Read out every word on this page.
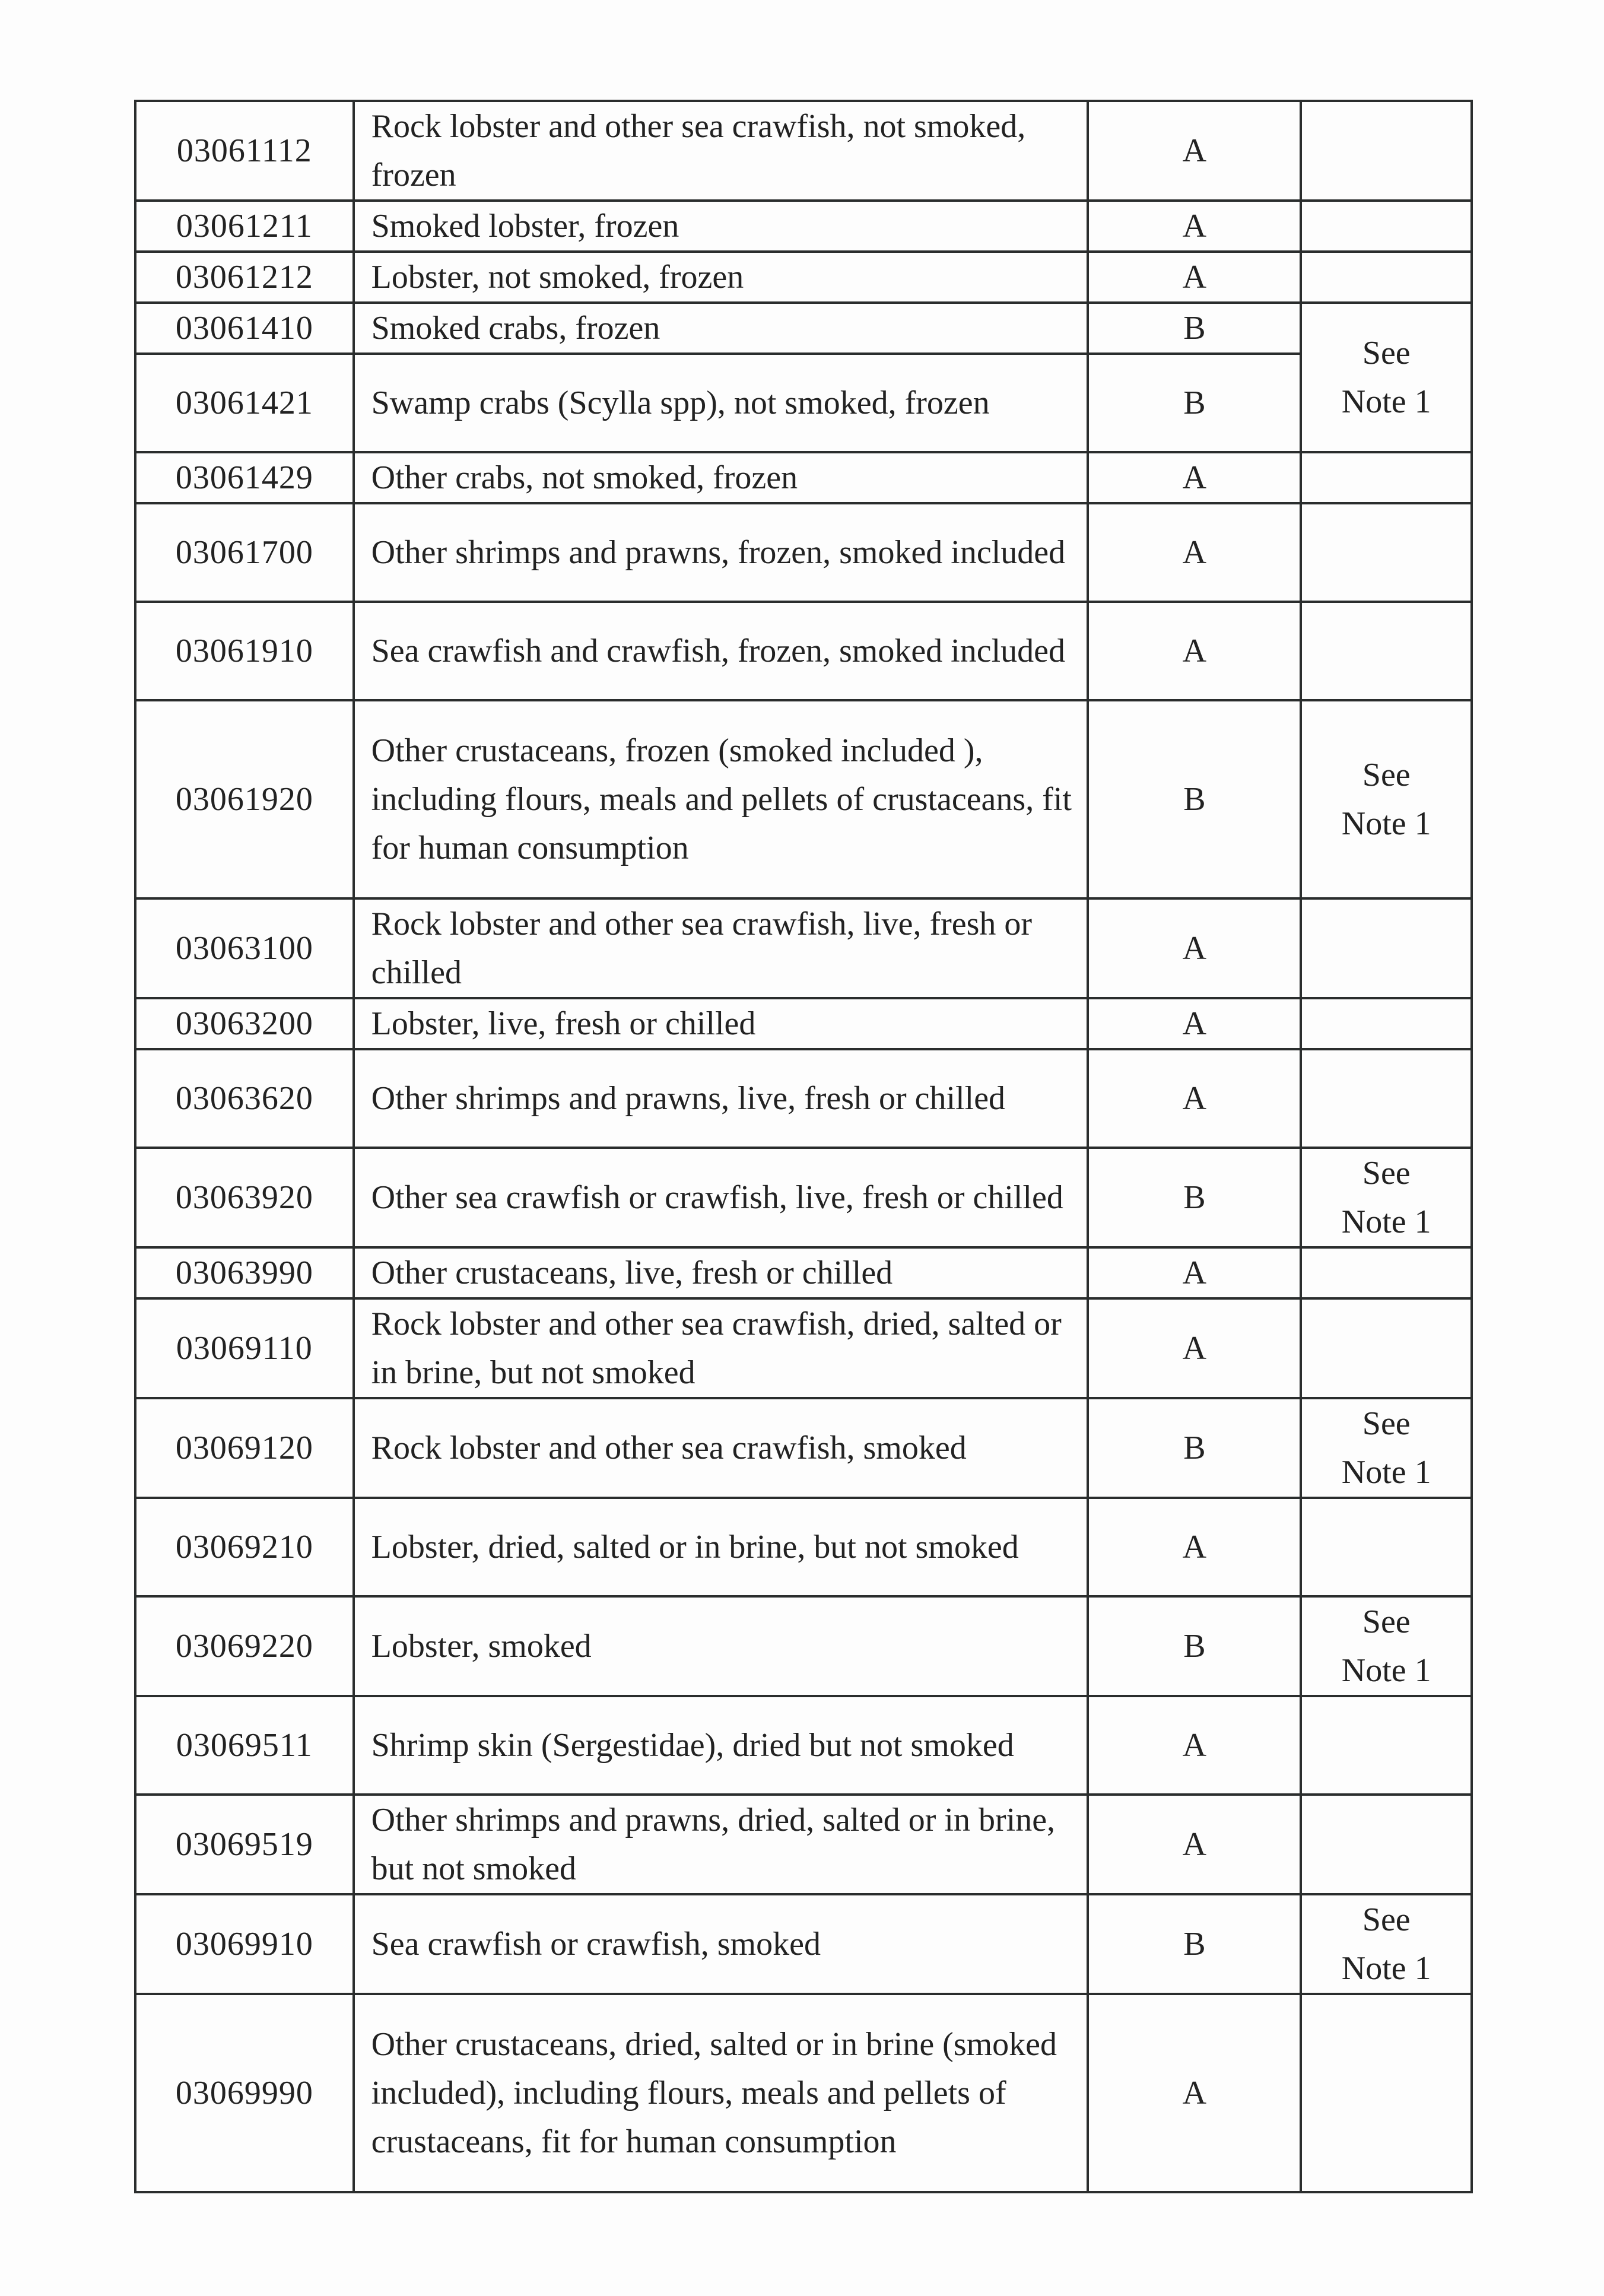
03061112	Rock lobster and other sea crawfish, not smoked, frozen	A	
03061211	Smoked lobster, frozen	A	
03061212	Lobster, not smoked, frozen	A	
03061410	Smoked crabs, frozen	B	See
Note 1
03061421	Swamp crabs (Scylla spp), not smoked, frozen	B	
03061429	Other crabs, not smoked, frozen	A	
03061700	Other shrimps and prawns, frozen, smoked included	A	
03061910	Sea crawfish and crawfish, frozen, smoked included	A	
03061920	Other crustaceans, frozen (smoked included ), including flours, meals and pellets of crustaceans, fit for human consumption	B	See
Note 1
03063100	Rock lobster and other sea crawfish, live, fresh or chilled	A	
03063200	Lobster, live, fresh or chilled	A	
03063620	Other shrimps and prawns, live, fresh or chilled	A	
03063920	Other sea crawfish or crawfish, live, fresh or chilled	B	See
Note 1
03063990	Other crustaceans, live, fresh or chilled	A	
03069110	Rock lobster and other sea crawfish, dried, salted or in brine, but not smoked	A	
03069120	Rock lobster and other sea crawfish, smoked	B	See
Note 1
03069210	Lobster, dried, salted or in brine, but not smoked	A	
03069220	Lobster, smoked	B	See
Note 1
03069511	Shrimp skin (Sergestidae), dried but not smoked	A	
03069519	Other shrimps and prawns, dried, salted or in brine, but not smoked	A	
03069910	Sea crawfish or crawfish, smoked	B	See
Note 1
03069990	Other crustaceans, dried, salted or in brine (smoked included), including flours, meals and pellets of crustaceans, fit for human consumption	A	
